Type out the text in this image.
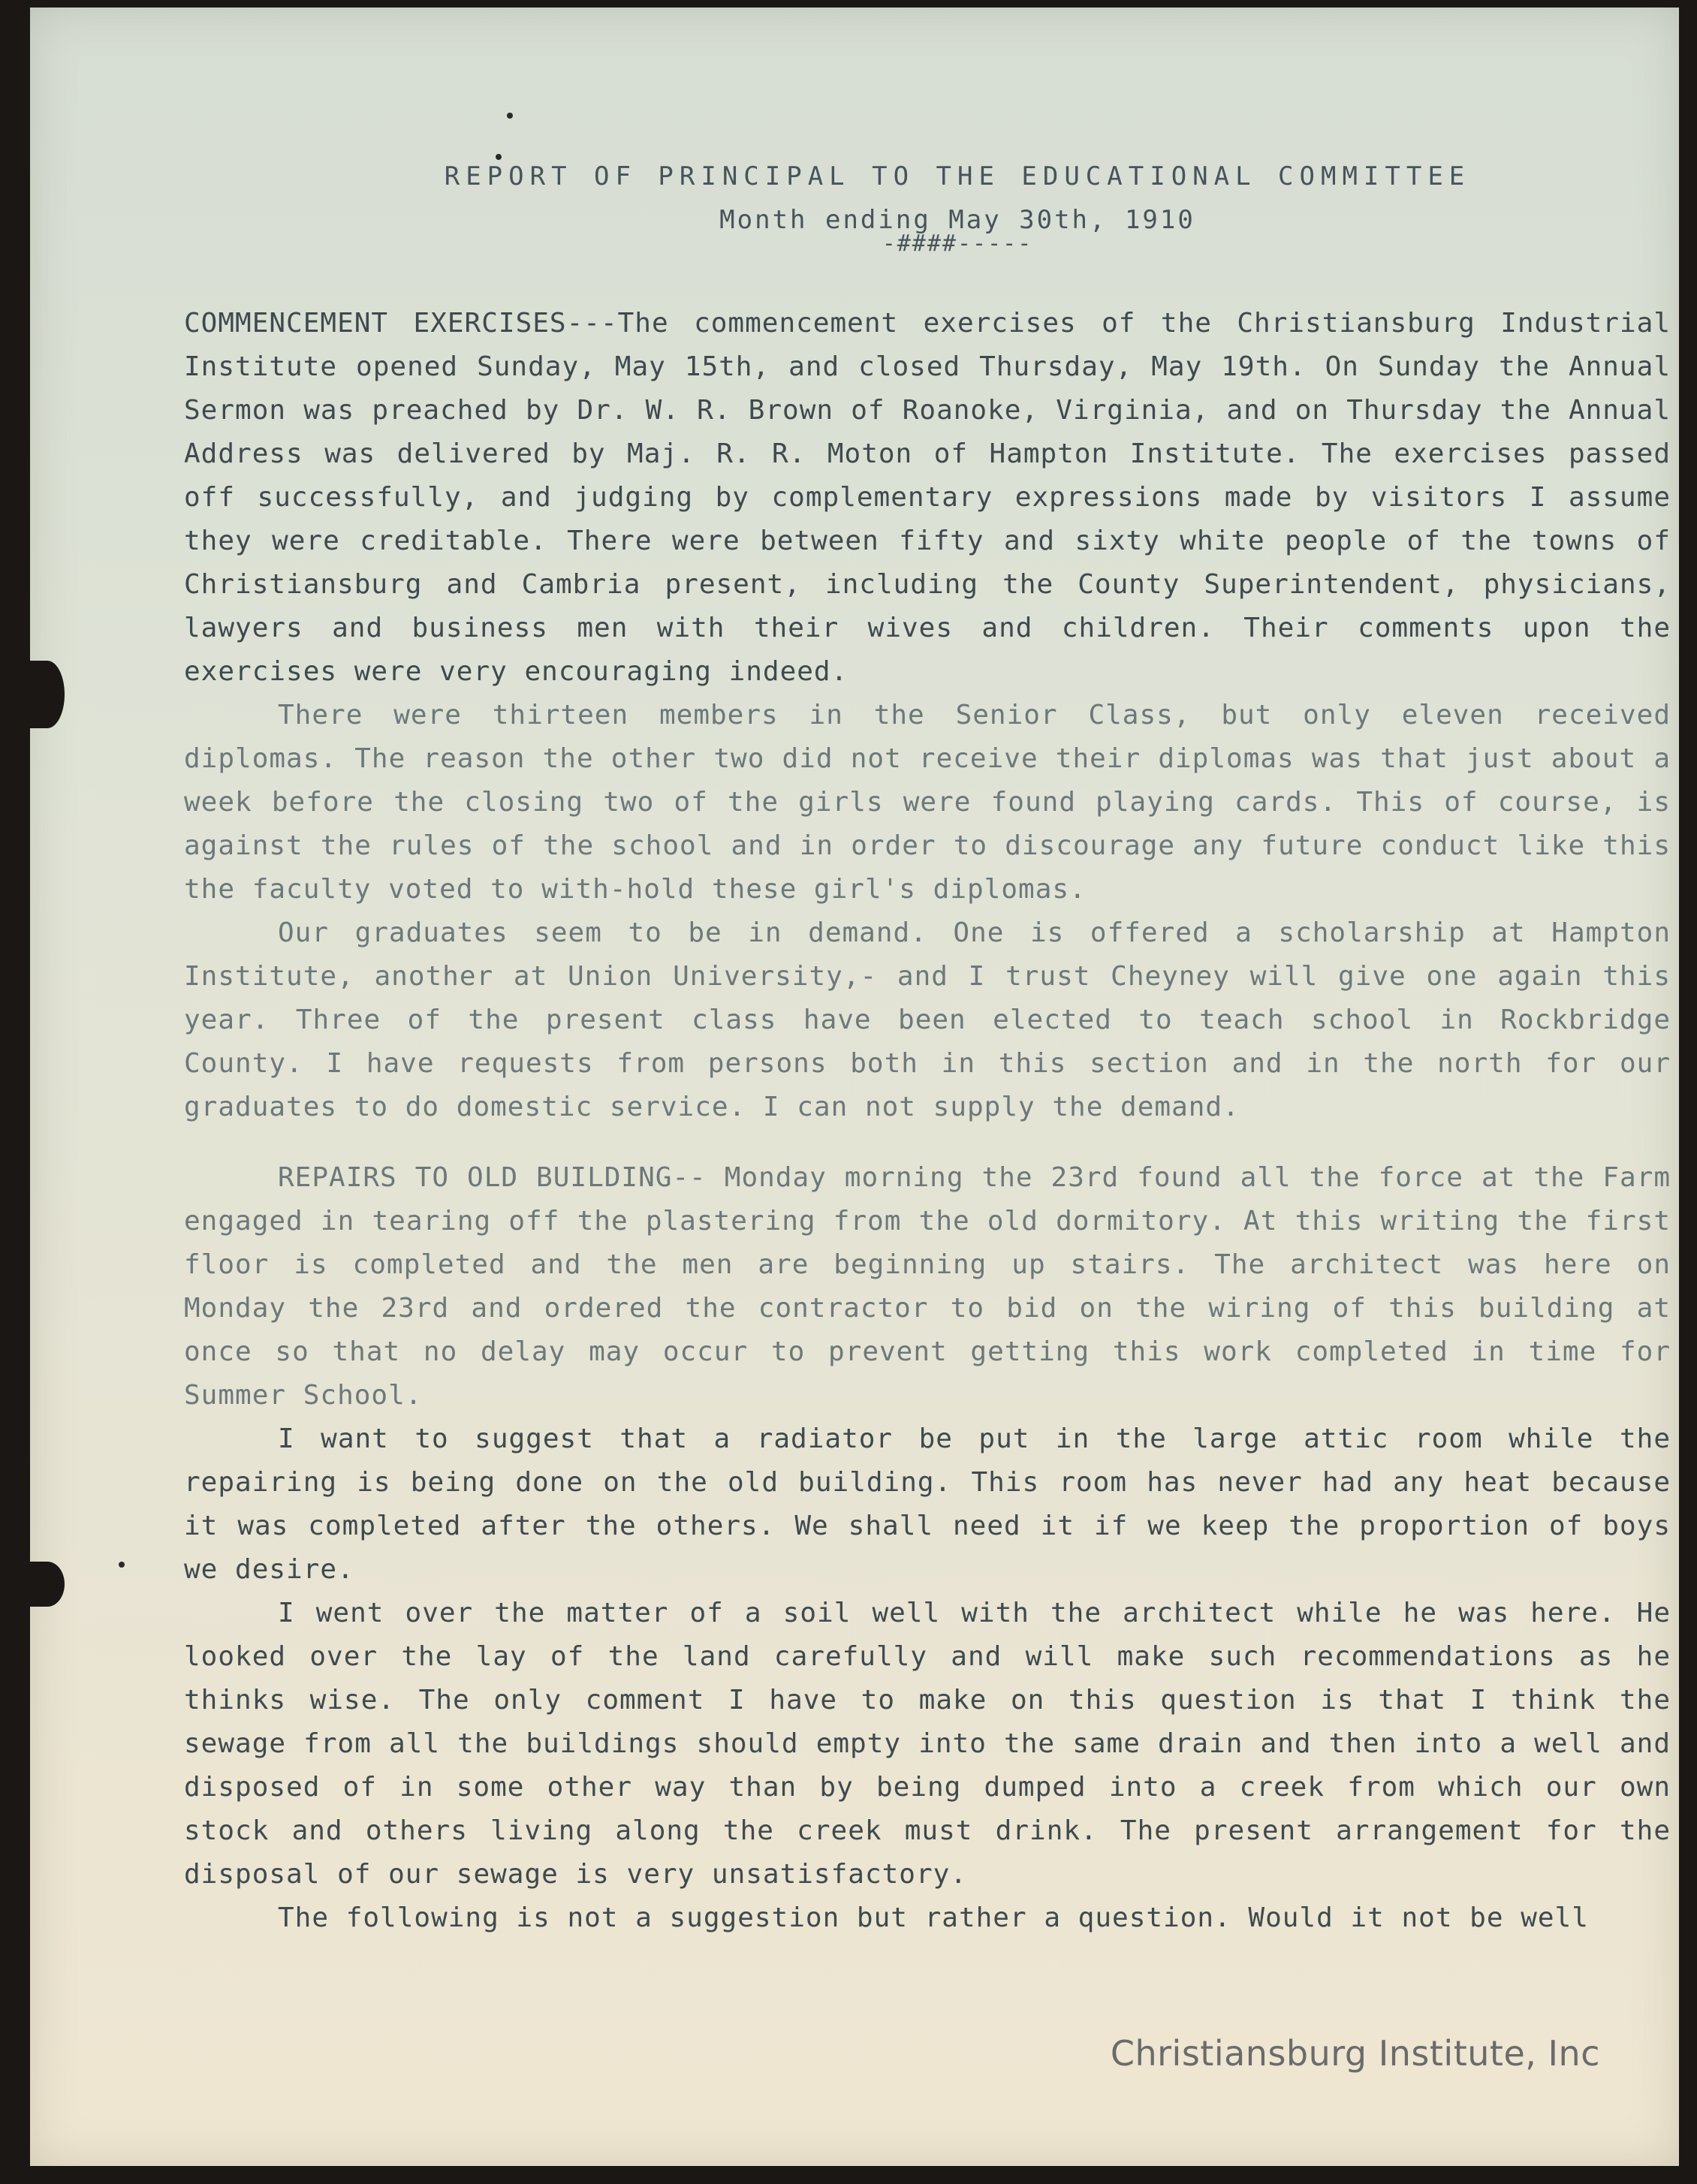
REPORT OF PRINCIPAL TO THE EDUCATIONAL COMMITTEE

Month ending May 30th, 1910

-####-----

COMMENCEMENT EXERCISES---The commencement exercises of the Christiansburg Industrial Institute opened Sunday, May 15th, and closed Thursday, May 19th. On Sunday the Annual Sermon was preached by Dr. W. R. Brown of Roanoke, Virginia, and on Thursday the Annual Address was delivered by Maj. R. R. Moton of Hampton Institute. The exercises passed off successfully, and judging by complementary expressions made by visitors I assume they were creditable. There were between fifty and sixty white people of the towns of Christiansburg and Cambria present, including the County Superintendent, physicians, lawyers and business men with their wives and children. Their comments upon the exercises were very encouraging indeed.

There were thirteen members in the Senior Class, but only eleven received diplomas. The reason the other two did not receive their diplomas was that just about a week before the closing two of the girls were found playing cards. This of course, is against the rules of the school and in order to discourage any future conduct like this the faculty voted to with-hold these girl's diplomas.

Our graduates seem to be in demand. One is offered a scholarship at Hampton Institute, another at Union University,- and I trust Cheyney will give one again this year. Three of the present class have been elected to teach school in Rockbridge County. I have requests from persons both in this section and in the north for our graduates to do domestic service. I can not supply the demand.

REPAIRS TO OLD BUILDING-- Monday morning the 23rd found all the force at the Farm engaged in tearing off the plastering from the old dormitory. At this writing the first floor is completed and the men are beginning up stairs. The architect was here on Monday the 23rd and ordered the contractor to bid on the wiring of this building at once so that no delay may occur to prevent getting this work completed in time for Summer School.

I want to suggest that a radiator be put in the large attic room while the repairing is being done on the old building. This room has never had any heat because it was completed after the others. We shall need it if we keep the proportion of boys we desire.

I went over the matter of a soil well with the architect while he was here. He looked over the lay of the land carefully and will make such recommendations as he thinks wise. The only comment I have to make on this question is that I think the sewage from all the buildings should empty into the same drain and then into a well and disposed of in some other way than by being dumped into a creek from which our own stock and others living along the creek must drink. The present arrangement for the disposal of our sewage is very unsatisfactory.

The following is not a suggestion but rather a question. Would it not be well

Christiansburg Institute, Inc
